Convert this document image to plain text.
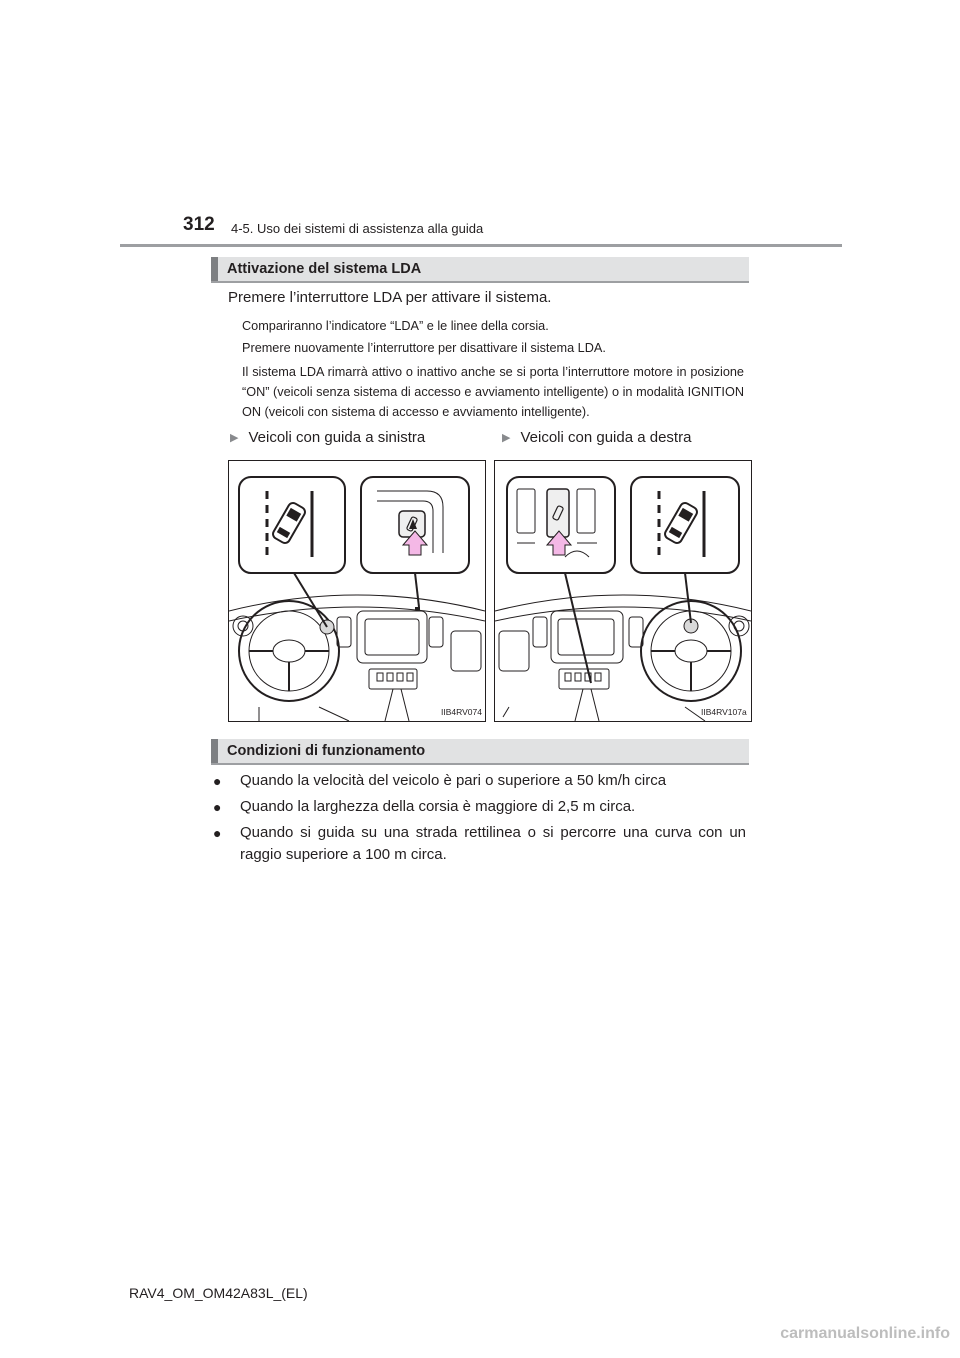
312 4-5. Uso dei sistemi di assistenza alla guida
Attivazione del sistema LDA
Premere l’interruttore LDA per attivare il sistema.
Compariranno l’indicatore “LDA” e le linee della corsia.
Premere nuovamente l’interruttore per disattivare il sistema LDA.
Il sistema LDA rimarrà attivo o inattivo anche se si porta l’interruttore motore in posizione “ON” (veicoli senza sistema di accesso e avviamento intelligente) o in modalità IGNITION ON (veicoli con sistema di accesso e avviamento intelligente).
▶ Veicoli con guida a sinistra	▶ Veicoli con guida a destra
IIB4RV074	IIB4RV107a
Condizioni di funzionamento
●	Quando la velocità del veicolo è pari o superiore a 50 km/h circa
●	Quando la larghezza della corsia è maggiore di 2,5 m circa.
●	Quando si guida su una strada rettilinea o si percorre una curva con un raggio superiore a 100 m circa.
RAV4_OM_OM42A83L_(EL)
carmanualsonline.info
